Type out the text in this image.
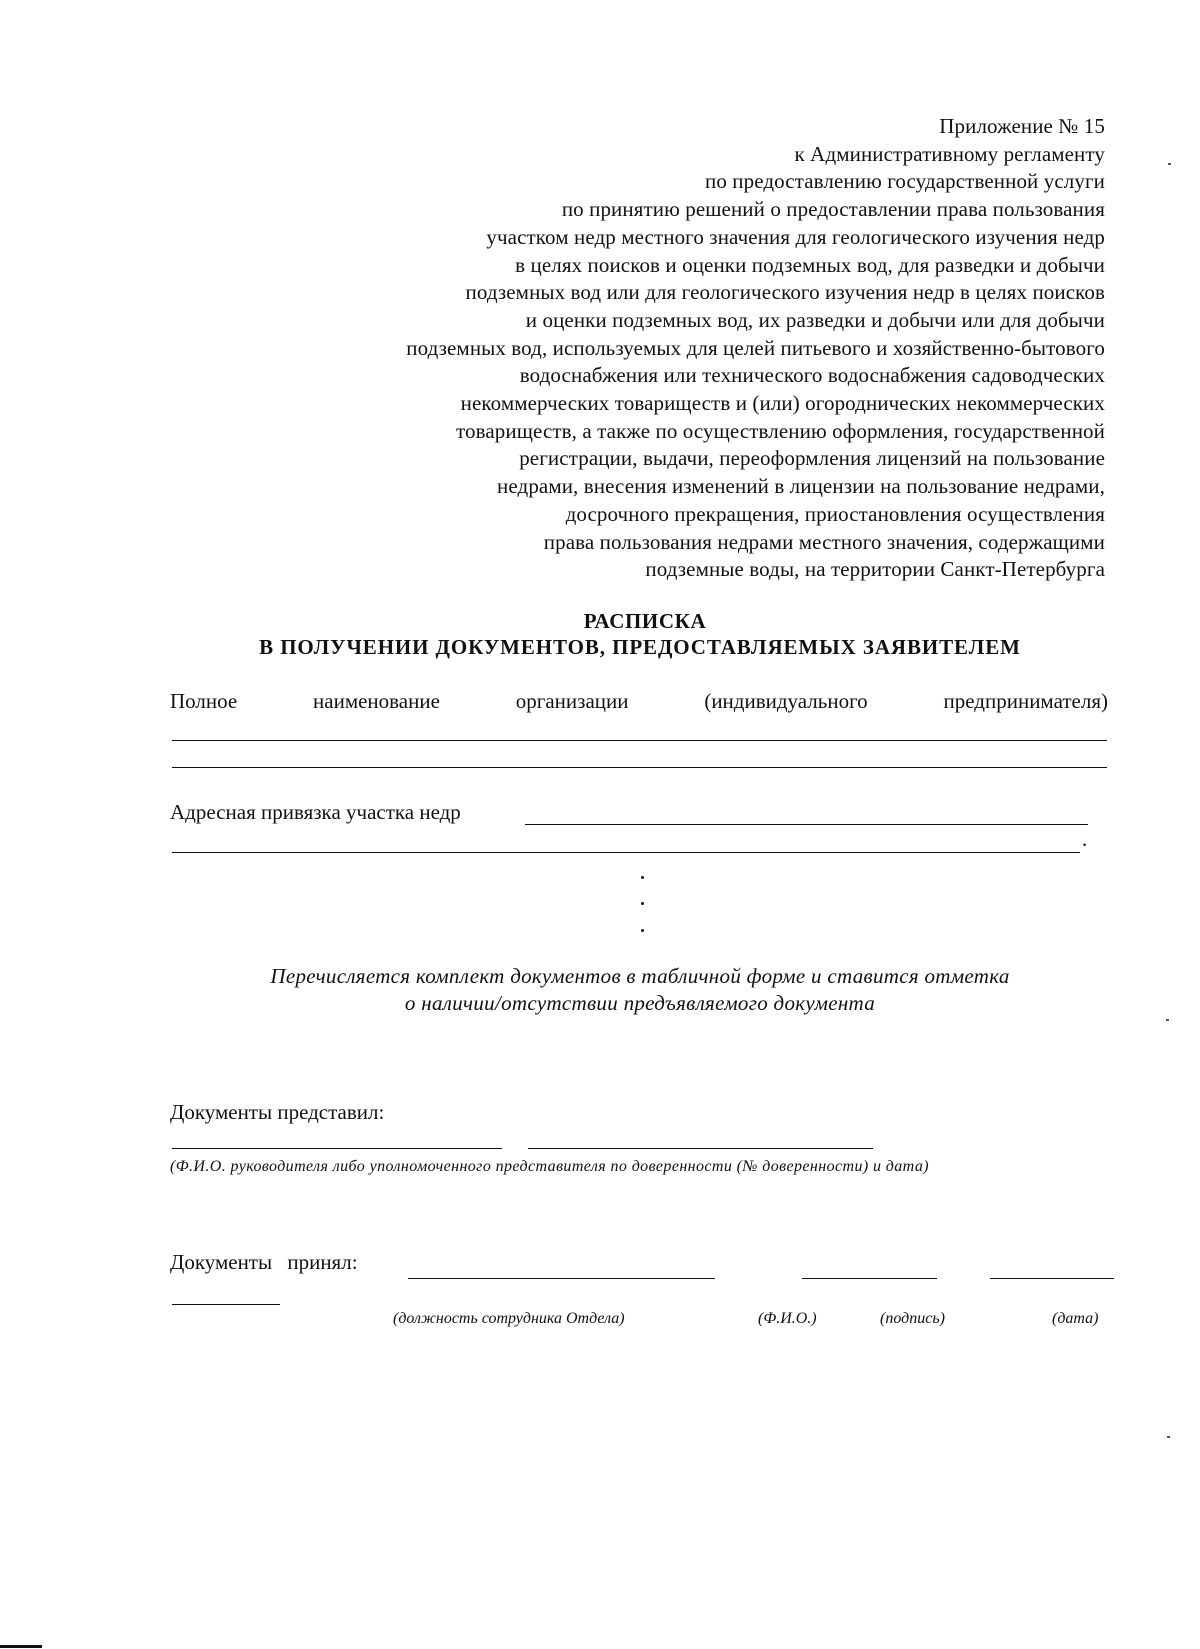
Приложение № 15
к Административному регламенту
по предоставлению государственной услуги
по принятию решений о предоставлении права пользования
участком недр местного значения для геологического изучения недр
в целях поисков и оценки подземных вод, для разведки и добычи
подземных вод или для геологического изучения недр в целях поисков
и оценки подземных вод, их разведки и добычи или для добычи
подземных вод, используемых для целей питьевого и хозяйственно-бытового
водоснабжения или технического водоснабжения садоводческих
некоммерческих товариществ и (или) огороднических некоммерческих
товариществ, а также по осуществлению оформления, государственной
регистрации, выдачи, переоформления лицензий на пользование
недрами, внесения изменений в лицензии на пользование недрами,
досрочного прекращения, приостановления осуществления
права пользования недрами местного значения, содержащими
подземные воды, на территории Санкт-Петербурга
РАСПИСКА
В ПОЛУЧЕНИИ ДОКУМЕНТОВ, ПРЕДОСТАВЛЯЕМЫХ ЗАЯВИТЕЛЕМ
Полное	наименование	организации	(индивидуального	предпринимателя)
Адресная привязка участка недр
.
Перечисляется комплект документов в табличной форме и ставится отметка
о наличии/отсутствии предъявляемого документа
Документы представил:
(Ф.И.О. руководителя либо уполномоченного представителя по доверенности (№ доверенности) и дата)
Документы принял:
(должность сотрудника Отдела)	(Ф.И.О.)	(подпись)	(дата)
